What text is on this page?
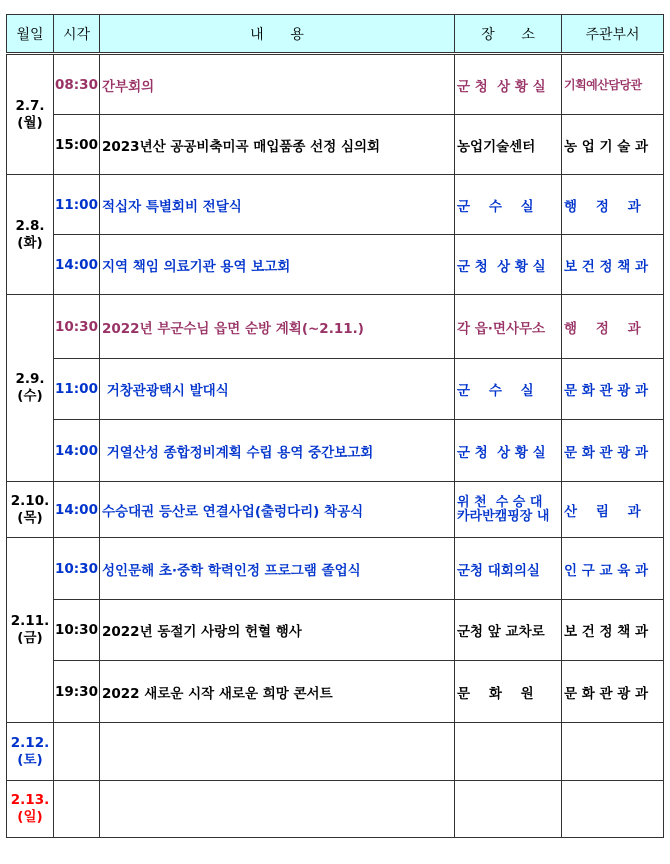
월일	시각	내      용	장      소	주관부서

2.7.
(월)	08:30	간부회의	군 청  상 황 실	기획예산담당관
	15:00	2023년산 공공비축미곡 매입품종 선정 심의회	농업기술센터	농 업 기 술 과

2.8.
(화)	11:00	적십자 특별회비 전달식	군    수    실	행    정    과
	14:00	지역 책임 의료기관 용역 보고회	군 청  상 황 실	보 건 정 책 과

2.9.
(수)	10:30	2022년 부군수님 읍면 순방 계획(~2.11.)	각 읍·면사무소	행    정    과
	11:00	거창관광택시 발대식	군    수    실	문 화 관 광 과
	14:00	거열산성 종합정비계획 수립 용역 중간보고회	군 청  상 황 실	문 화 관 광 과

2.10.
(목)	14:00	수승대권 등산로 연결사업(출렁다리) 착공식	위 천  수 승 대
카라반캠핑장 내	산    림    과

2.11.
(금)	10:30	성인문해 초·중학 학력인정 프로그램 졸업식	군청 대회의실	인 구 교 육 과
	10:30	2022년 동절기 사랑의 헌혈 행사	군청 앞 교차로	보 건 정 책 과
	19:30	2022 새로운 시작 새로운 희망 콘서트	문    화    원	문 화 관 광 과

2.12.
(토)				

2.13.
(일)				
